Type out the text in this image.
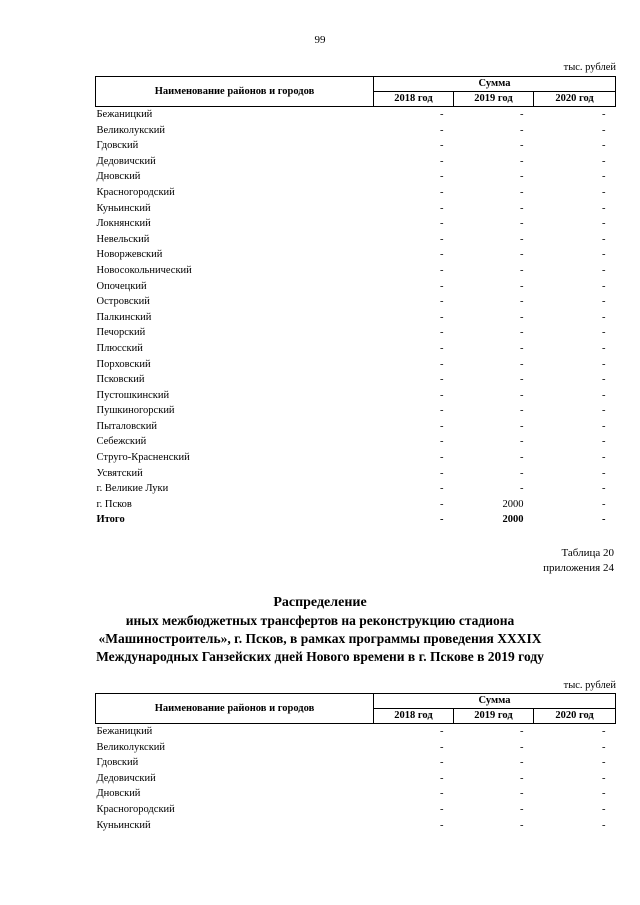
99
тыс. рублей
Наименование районов и городов	Сумма		
	2018 год	2019 год	2020 год
Бежаницкий	-	-	-
Великолукский	-	-	-
Гдовский	-	-	-
Дедовичский	-	-	-
Дновский	-	-	-
Красногородский	-	-	-
Куньинский	-	-	-
Локнянский	-	-	-
Невельский	-	-	-
Новоржевский	-	-	-
Новосокольнический	-	-	-
Опочецкий	-	-	-
Островский	-	-	-
Палкинский	-	-	-
Печорский	-	-	-
Плюсский	-	-	-
Порховский	-	-	-
Псковский	-	-	-
Пустошкинский	-	-	-
Пушкиногорский	-	-	-
Пыталовский	-	-	-
Себежский	-	-	-
Струго-Красненский	-	-	-
Усвятский	-	-	-
г. Великие Луки	-	-	-
г. Псков	-	2000	-
Итого	-	2000	-
Таблица 20
приложения 24
Распределение
иных межбюджетных трансфертов на реконструкцию стадиона
«Машиностроитель», г. Псков, в рамках программы проведения XXXIX
Международных Ганзейских дней Нового времени в г. Пскове в 2019 году
тыс. рублей
Наименование районов и городов	Сумма		
	2018 год	2019 год	2020 год
Бежаницкий	-	-	-
Великолукский	-	-	-
Гдовский	-	-	-
Дедовичский	-	-	-
Дновский	-	-	-
Красногородский	-	-	-
Куньинский	-	-	-
